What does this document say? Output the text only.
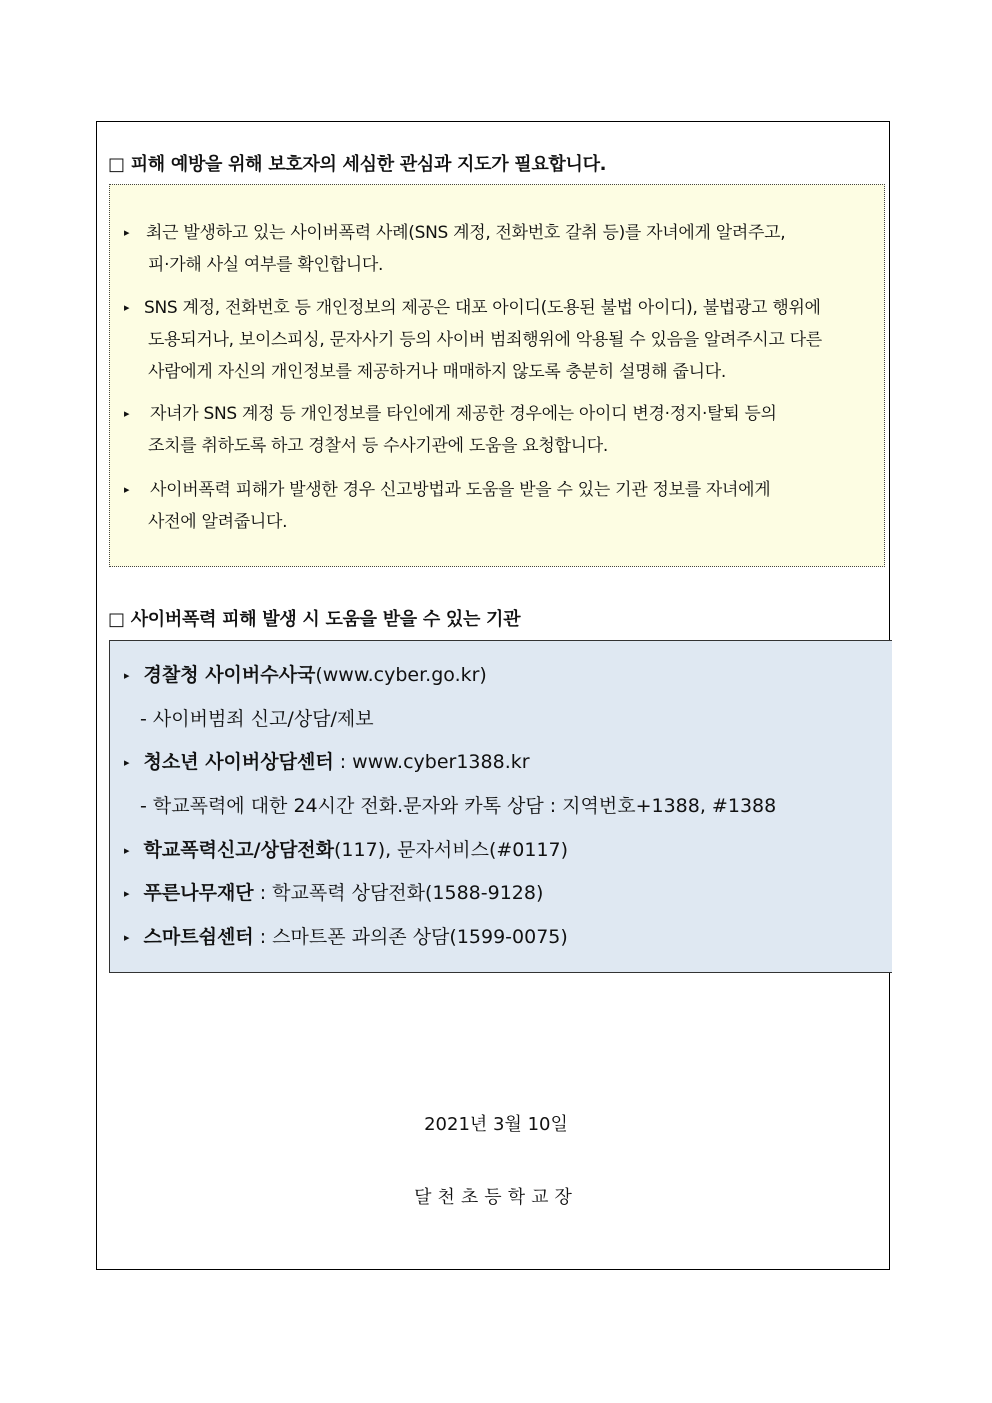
□ 피해 예방을 위해 보호자의 세심한 관심과 지도가 필요합니다.
▸ 최근 발생하고 있는 사이버폭력 사례(SNS 계정, 전화번호 갈취 등)를 자녀에게 알려주고,
피·가해 사실 여부를 확인합니다.
▸ SNS 계정, 전화번호 등 개인정보의 제공은 대포 아이디(도용된 불법 아이디), 불법광고 행위에
도용되거나, 보이스피싱, 문자사기 등의 사이버 범죄행위에 악용될 수 있음을 알려주시고 다른
사람에게 자신의 개인정보를 제공하거나 매매하지 않도록 충분히 설명해 줍니다.
▸	자녀가 SNS 계정 등 개인정보를 타인에게 제공한 경우에는 아이디 변경·정지·탈퇴 등의
조치를 취하도록 하고 경찰서 등 수사기관에 도움을 요청합니다.
▸	사이버폭력 피해가 발생한 경우 신고방법과 도움을 받을 수 있는 기관 정보를 자녀에게
사전에 알려줍니다.
□ 사이버폭력 피해 발생 시 도움을 받을 수 있는 기관
▸ 경찰청 사이버수사국(www.cyber.go.kr)
- 사이버범죄 신고/상담/제보
▸ 청소년 사이버상담센터 : www.cyber1388.kr
- 학교폭력에 대한 24시간 전화.문자와 카톡 상담 : 지역번호+1388, #1388
▸ 학교폭력신고/상담전화(117), 문자서비스(#0117)
▸ 푸른나무재단 : 학교폭력 상담전화(1588-9128)
▸ 스마트쉼센터 : 스마트폰 과의존 상담(1599-0075)
2021년 3월 10일
달천초등학교장
